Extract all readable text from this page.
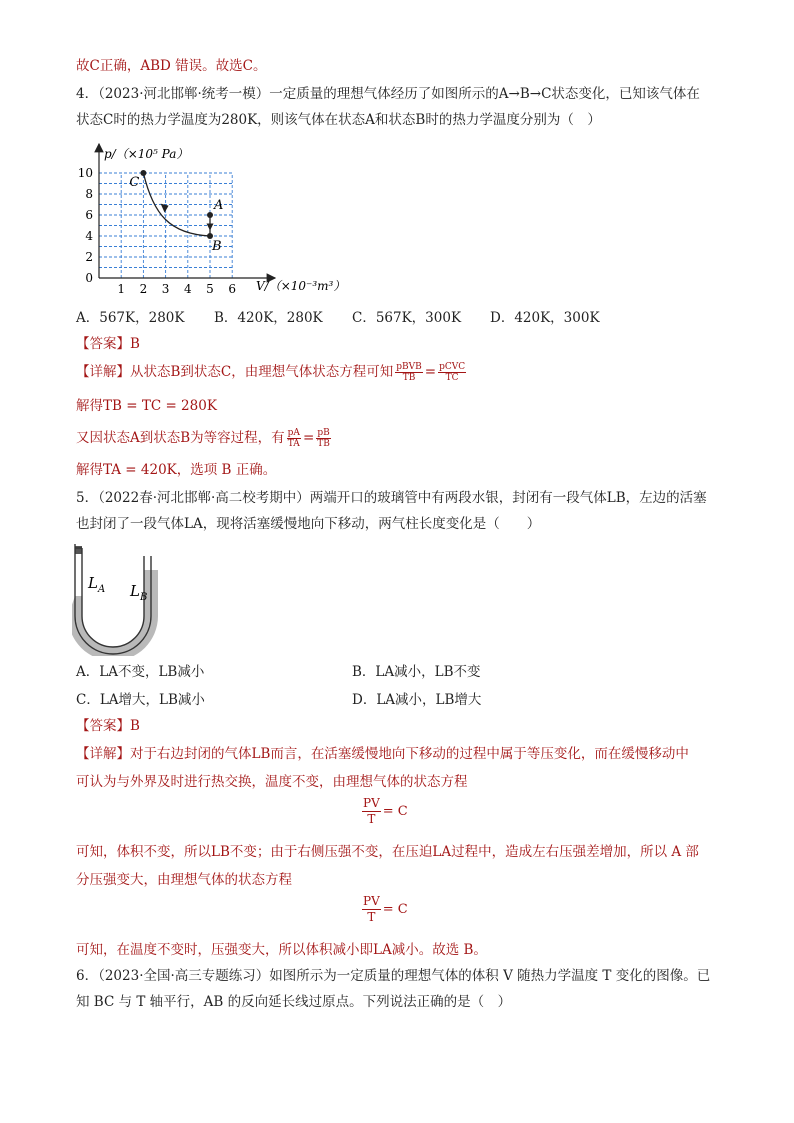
故C正确，ABD 错误。故选C。
4．（2023·河北邯郸·统考一模）一定质量的理想气体经历了如图所示的A→B→C状态变化，已知该气体在
状态C时的热力学温度为280K，则该气体在状态A和状态B时的热力学温度分别为（　）
p/（×10⁵ Pa）
V/（×10⁻³m³）
0
2
4
6
8
10
1 2 3 4 5 6
A
B
C
A．567K，280K B．420K，280K C．567K，300K D．420K，300K
【答案】B
【详解】从状态B到状态C，由理想气体状态方程可知 $\frac{\text{pBVB}}{TB} = \frac{\text{pCVC}}{TC}$
解得TB = TC = 280K
又因状态A到状态B为等容过程，有 $\frac{pA}{TA} = \frac{pB}{TB}$
解得TA = 420K，选项 B 正确。
5．（2022春·河北邯郸·高二校考期中）两端开口的玻璃管中有两段水银，封闭有一段气体LB，左边的活塞
也封闭了一段气体LA，现将活塞缓慢地向下移动，两气柱长度变化是（　　）
$L_A$ $L_B$
A．LA不变，LB减小	B．LA减小，LB不变
C．LA增大，LB减小	D．LA减小，LB增大
【答案】B
【详解】对于右边封闭的气体LB而言，在活塞缓慢地向下移动的过程中属于等压变化，而在缓慢移动中
可认为与外界及时进行热交换，温度不变，由理想气体的状态方程
$\frac{PV}{T} = C$
可知，体积不变，所以LB不变；由于右侧压强不变，在压迫LA过程中，造成左右压强差增加，所以 A 部
分压强变大，由理想气体的状态方程
$\frac{PV}{T} = C$
可知，在温度不变时，压强变大，所以体积减小即LA减小。故选 B。
6．（2023·全国·高三专题练习）如图所示为一定质量的理想气体的体积 V 随热力学温度 T 变化的图像。已
知 BC 与 T 轴平行，AB 的反向延长线过原点。下列说法正确的是（　）
